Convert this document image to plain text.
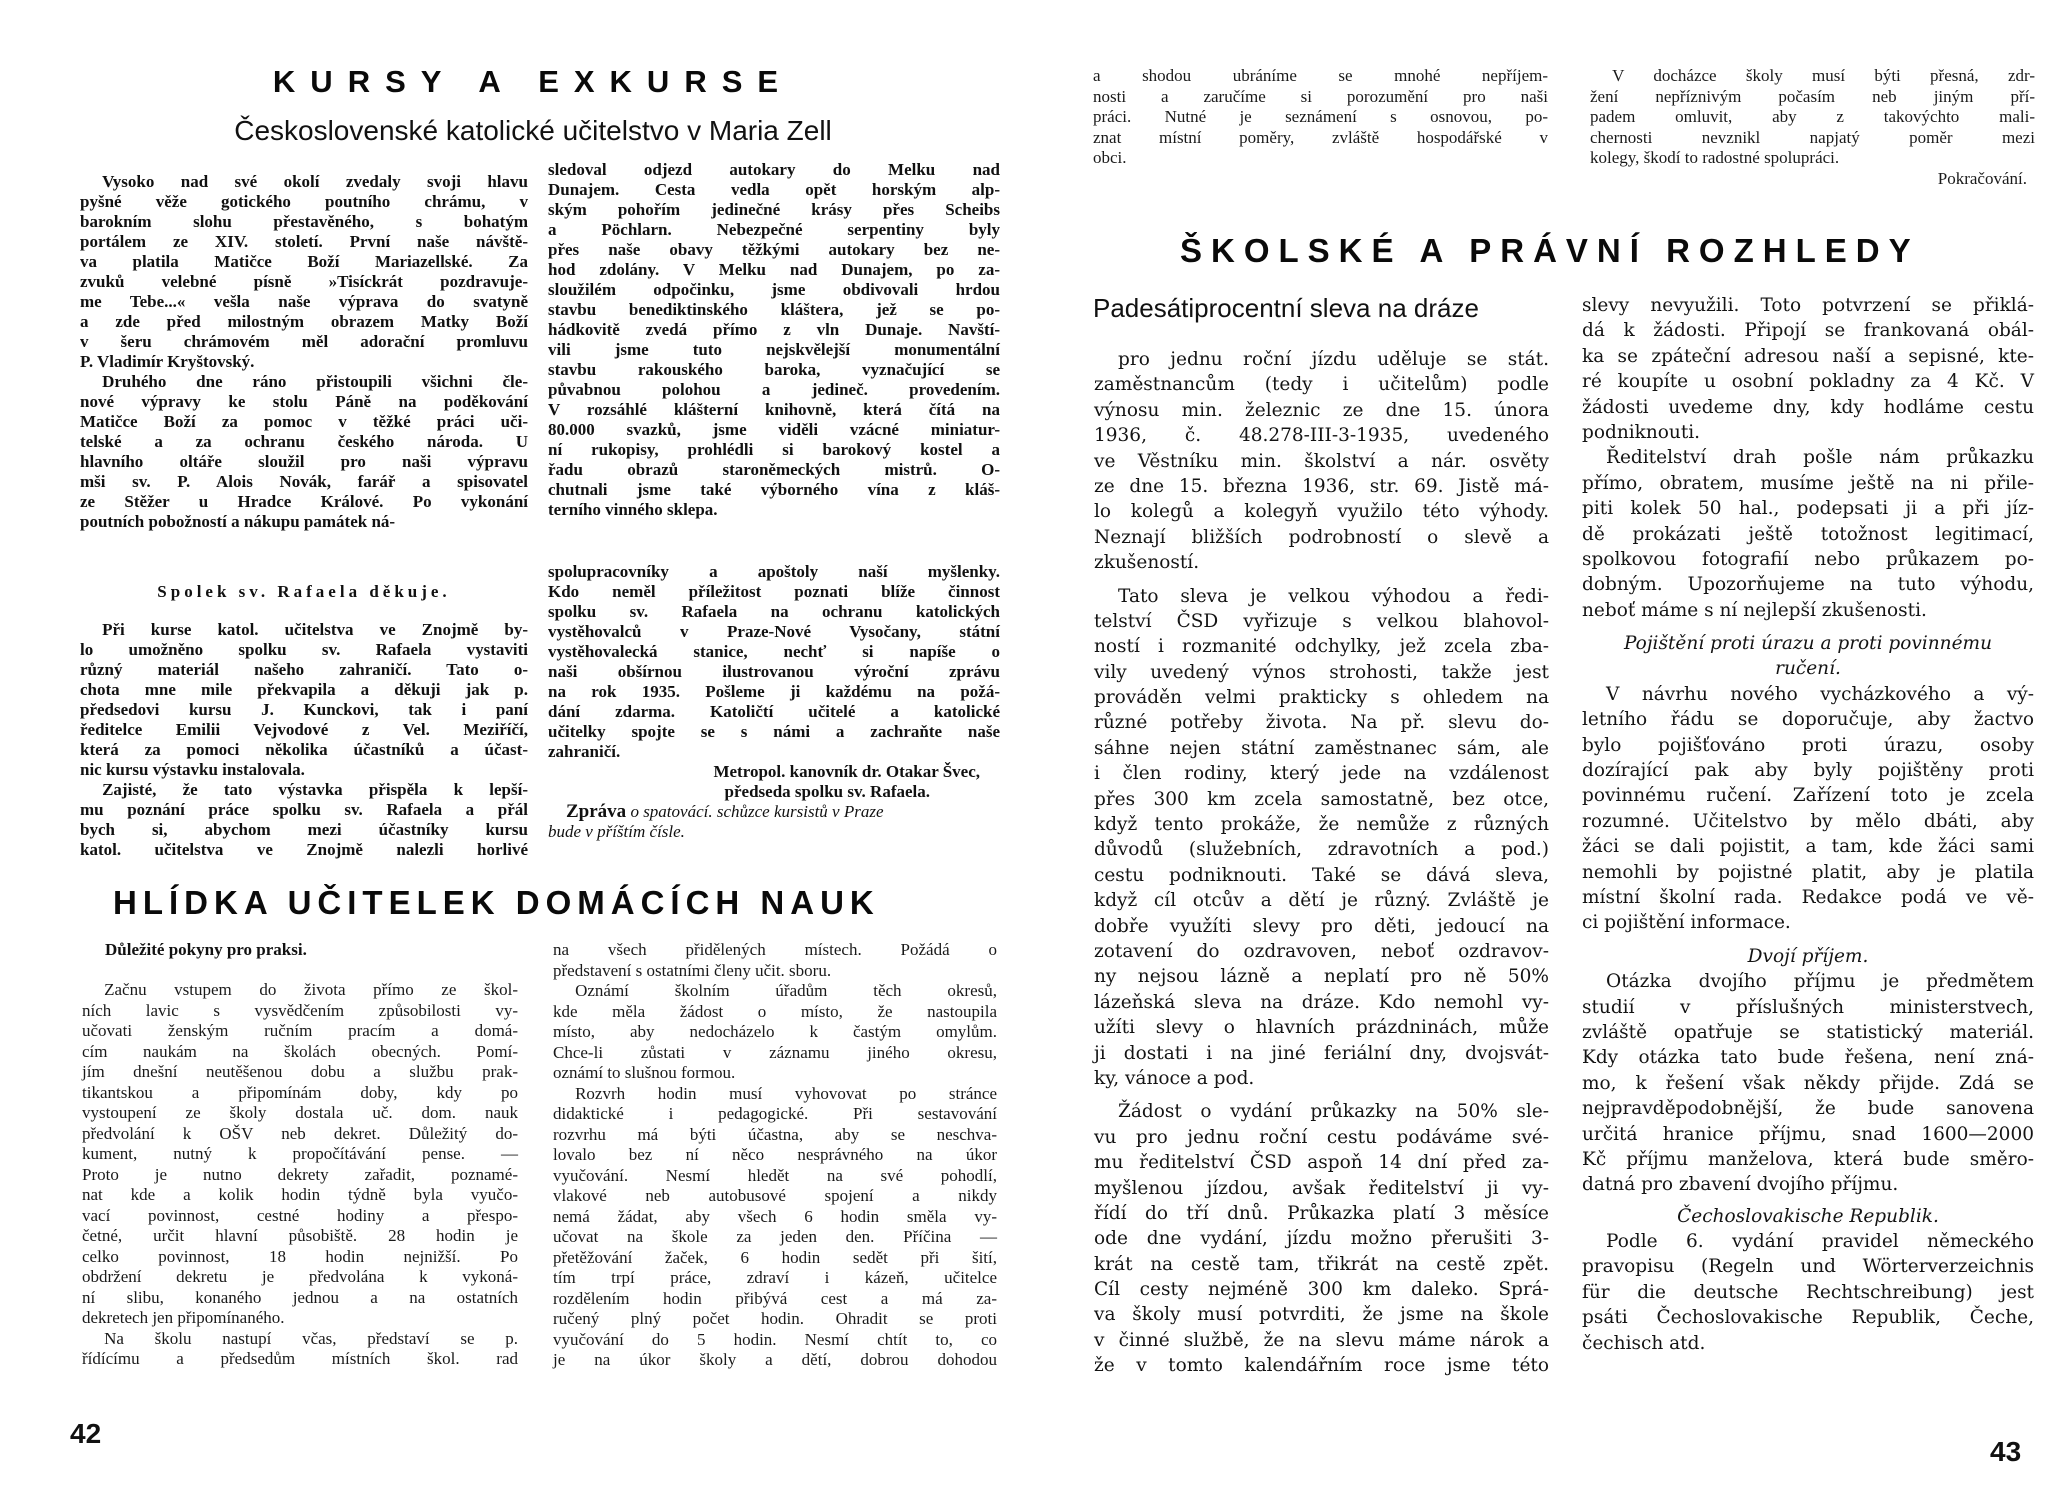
KURSY A EXKURSE
Československé katolické učitelstvo v Maria Zell
Vysoko nad své okolí zvedaly svoji hlavu
pyšné věže gotického poutního chrámu, v
barokním slohu přestavěného, s bohatým
portálem ze XIV. století. První naše návště-
va platila Matičce Boží Mariazellské. Za
zvuků velebné písně »Tisíckrát pozdravuje-
me Tebe...« vešla naše výprava do svatyně
a zde před milostným obrazem Matky Boží
v šeru chrámovém měl adorační promluvu
P. Vladimír Kryštovský.
Druhého dne ráno přistoupili všichni čle-
nové výpravy ke stolu Páně na poděkování
Matičce Boží za pomoc v těžké práci uči-
telské a za ochranu českého národa. U
hlavního oltáře sloužil pro naši výpravu
mši sv. P. Alois Novák, farář a spisovatel
ze Stěžer u Hradce Králové. Po vykonání
poutních pobožností a nákupu památek ná-
Spolek sv. Rafaela děkuje.
Při kurse katol. učitelstva ve Znojmě by-
lo umožněno spolku sv. Rafaela vystaviti
různý materiál našeho zahraničí. Tato o-
chota mne mile překvapila a děkuji jak p.
předsedovi kursu J. Kunckovi, tak i paní
ředitelce Emilii Vejvodové z Vel. Meziříčí,
která za pomoci několika účastníků a účast-
nic kursu výstavku instalovala.
Zajisté, že tato výstavka přispěla k lepší-
mu poznání práce spolku sv. Rafaela a přál
bych si, abychom mezi účastníky kursu
katol. učitelstva ve Znojmě nalezli horlivé
sledoval odjezd autokary do Melku nad
Dunajem. Cesta vedla opět horským alp-
ským pohořím jedinečné krásy přes Scheibs
a Pöchlarn. Nebezpečné serpentiny byly
přes naše obavy těžkými autokary bez ne-
hod zdolány. V Melku nad Dunajem, po za-
sloužilém odpočinku, jsme obdivovali hrdou
stavbu benediktinského kláštera, jež se po-
hádkovitě zvedá přímo z vln Dunaje. Navští-
vili jsme tuto nejskvělejší monumentální
stavbu rakouského baroka, vyznačující se
půvabnou polohou a jedineč. provedením.
V rozsáhlé klášterní knihovně, která čítá na
80.000 svazků, jsme viděli vzácné miniatur-
ní rukopisy, prohlédli si barokový kostel a
řadu obrazů staroněmeckých mistrů. O-
chutnali jsme také výborného vína z kláš-
terního vinného sklepa.
spolupracovníky a apoštoly naší myšlenky.
Kdo neměl příležitost poznati blíže činnost
spolku sv. Rafaela na ochranu katolických
vystěhovalců v Praze-Nové Vysočany, státní
vystěhovalecká stanice, nechť si napíše o
naši obšírnou ilustrovanou výroční zprávu
na rok 1935. Pošleme ji každému na požá-
dání zdarma. Katoličtí učitelé a katolické
učitelky spojte se s námi a zachraňte naše
zahraničí.
Metropol. kanovník dr. Otakar Švec,
předseda spolku sv. Rafaela.
Zpráva o spatovácí. schůzce kursistů v Praze
bude v příštím čísle.
HLÍDKA UČITELEK DOMÁCÍCH NAUK
Důležité pokyny pro praksi.
Začnu vstupem do života přímo ze škol-
ních lavic s vysvědčením způsobilosti vy-
učovati ženským ručním pracím a domá-
cím naukám na školách obecných. Pomí-
jím dnešní neutěšenou dobu a službu prak-
tikantskou a připomínám doby, kdy po
vystoupení ze školy dostala uč. dom. nauk
předvolání k OŠV neb dekret. Důležitý do-
kument, nutný k propočítávání pense. —
Proto je nutno dekrety zařadit, poznamé-
nat kde a kolik hodin týdně byla vyučo-
vací povinnost, cestné hodiny a přespo-
četné, určit hlavní působiště. 28 hodin je
celko povinnost, 18 hodin nejnižší. Po
obdržení dekretu je předvolána k vykoná-
ní slibu, konaného jednou a na ostatních
dekretech jen připomínaného.
Na školu nastupí včas, představí se p.
řídícímu a předsedům místních škol. rad
na všech přidělených místech. Požádá o
představení s ostatními členy učit. sboru.
Oznámí školním úřadům těch okresů,
kde měla žádost o místo, že nastoupila
místo, aby nedocházelo k častým omylům.
Chce-li zůstati v záznamu jiného okresu,
oznámí to slušnou formou.
Rozvrh hodin musí vyhovovat po stránce
didaktické i pedagogické. Při sestavování
rozvrhu má býti účastna, aby se neschva-
lovalo bez ní něco nesprávného na úkor
vyučování. Nesmí hledět na své pohodlí,
vlakové neb autobusové spojení a nikdy
nemá žádat, aby všech 6 hodin směla vy-
učovat na škole za jeden den. Příčina —
přetěžování žaček, 6 hodin sedět při šití,
tím trpí práce, zdraví i kázeň, učitelce
rozdělením hodin přibývá cest a má za-
ručený plný počet hodin. Ohradit se proti
vyučování do 5 hodin. Nesmí chtít to, co
je na úkor školy a dětí, dobrou dohodou
42
a shodou ubráníme se mnohé nepříjem-
nosti a zaručíme si porozumění pro naši
práci. Nutné je seznámení s osnovou, po-
znat místní poměry, zvláště hospodářské v
obci.
V docházce školy musí býti přesná, zdr-
žení nepříznivým počasím neb jiným pří-
padem omluvit, aby z takovýchto mali-
chernosti nevznikl napjatý poměr mezi
kolegy, škodí to radostné spolupráci.
Pokračování.
ŠKOLSKÉ A PRÁVNÍ ROZHLEDY
Padesátiprocentní sleva na dráze
pro jednu roční jízdu uděluje se stát.
zaměstnancům (tedy i učitelům) podle
výnosu min. železnic ze dne 15. února
1936, č. 48.278-III-3-1935, uvedeného
ve Věstníku min. školství a nár. osvěty
ze dne 15. března 1936, str. 69. Jistě má-
lo kolegů a kolegyň využilo této výhody.
Neznají bližších podrobností o slevě a
zkušeností.
Tato sleva je velkou výhodou a ředi-
telství ČSD vyřizuje s velkou blahovol-
ností i rozmanité odchylky, jež zcela zba-
vily uvedený výnos strohosti, takže jest
prováděn velmi prakticky s ohledem na
různé potřeby života. Na př. slevu do-
sáhne nejen státní zaměstnanec sám, ale
i člen rodiny, který jede na vzdálenost
přes 300 km zcela samostatně, bez otce,
když tento prokáže, že nemůže z různých
důvodů (služebních, zdravotních a pod.)
cestu podniknouti. Také se dává sleva,
když cíl otcův a dětí je různý. Zvláště je
dobře využíti slevy pro děti, jedoucí na
zotavení do ozdravoven, neboť ozdravov-
ny nejsou lázně a neplatí pro ně 50%
lázeňská sleva na dráze. Kdo nemohl vy-
užíti slevy o hlavních prázdninách, může
ji dostati i na jiné feriální dny, dvojsvát-
ky, vánoce a pod.
Žádost o vydání průkazky na 50% sle-
vu pro jednu roční cestu podáváme své-
mu ředitelství ČSD aspoň 14 dní před za-
myšlenou jízdou, avšak ředitelství ji vy-
řídí do tří dnů. Průkazka platí 3 měsíce
ode dne vydání, jízdu možno přerušiti 3-
krát na cestě tam, třikrát na cestě zpět.
Cíl cesty nejméně 300 km daleko. Sprá-
va školy musí potvrditi, že jsme na škole
v činné službě, že na slevu máme nárok a
že v tomto kalendářním roce jsme této
slevy nevyužili. Toto potvrzení se přiklá-
dá k žádosti. Připojí se frankovaná obál-
ka se zpáteční adresou naší a sepisné, kte-
ré koupíte u osobní pokladny za 4 Kč. V
žádosti uvedeme dny, kdy hodláme cestu
podniknouti.
Ředitelství drah pošle nám průkazku
přímo, obratem, musíme ještě na ni přile-
piti kolek 50 hal., podepsati ji a při jíz-
dě prokázati ještě totožnost legitimací,
spolkovou fotografií nebo průkazem po-
dobným. Upozorňujeme na tuto výhodu,
neboť máme s ní nejlepší zkušenosti.
Pojištění proti úrazu a proti povinnému
ručení.
V návrhu nového vycházkového a vý-
letního řádu se doporučuje, aby žactvo
bylo pojišťováno proti úrazu, osoby
dozírající pak aby byly pojištěny proti
povinnému ručení. Zařízení toto je zcela
rozumné. Učitelstvo by mělo dbáti, aby
žáci se dali pojistit, a tam, kde žáci sami
nemohli by pojistné platit, aby je platila
místní školní rada. Redakce podá ve vě-
ci pojištění informace.
Dvojí příjem.
Otázka dvojího příjmu je předmětem
studií v příslušných ministerstvech,
zvláště opatřuje se statistický materiál.
Kdy otázka tato bude řešena, není zná-
mo, k řešení však někdy přijde. Zdá se
nejpravděpodobnější, že bude sanovena
určitá hranice příjmu, snad 1600—2000
Kč příjmu manželova, která bude směro-
datná pro zbavení dvojího příjmu.
Čechoslovakische Republik.
Podle 6. vydání pravidel německého
pravopisu (Regeln und Wörterverzeichnis
für die deutsche Rechtschreibung) jest
psáti Čechoslovakische Republik, Čeche,
čechisch atd.
43
